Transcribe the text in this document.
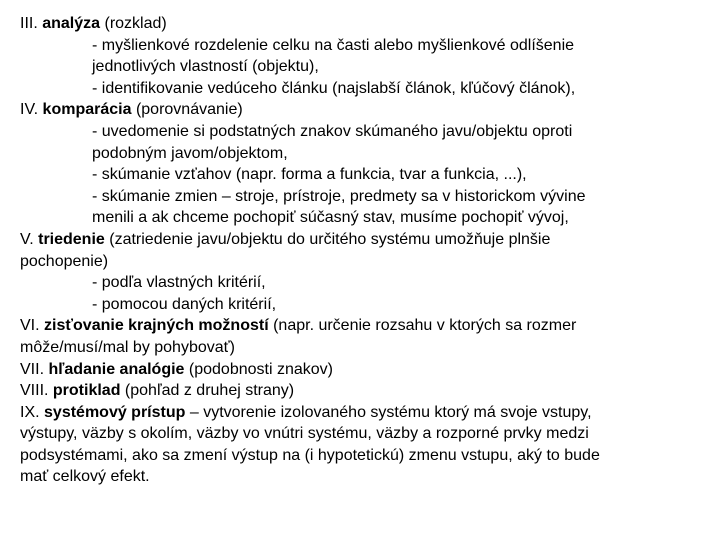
III. analýza (rozklad)
- myšlienkové rozdelenie celku na časti alebo myšlienkové odlíšenie
jednotlivých vlastností (objektu),
- identifikovanie vedúceho článku (najslabší článok, kľúčový článok),
IV. komparácia (porovnávanie)
- uvedomenie si podstatných znakov skúmaného javu/objektu oproti
podobným javom/objektom,
- skúmanie vzťahov (napr. forma a funkcia, tvar a funkcia, ...),
- skúmanie zmien – stroje, prístroje, predmety sa v historickom vývine
menili a ak chceme pochopiť súčasný stav, musíme pochopiť vývoj,
V. triedenie (zatriedenie javu/objektu do určitého systému umožňuje plnšie
pochopenie)
- podľa vlastných kritérií,
- pomocou daných kritérií,
VI. zisťovanie krajných možností (napr. určenie rozsahu v ktorých sa rozmer
môže/musí/mal by pohybovať)
VII. hľadanie analógie (podobnosti znakov)
VIII. protiklad (pohľad z druhej strany)
IX. systémový prístup – vytvorenie izolovaného systému ktorý má svoje vstupy,
výstupy, väzby s okolím, väzby vo vnútri systému, väzby a rozporné prvky medzi
podsystémami, ako sa zmení výstup na (i hypotetickú) zmenu vstupu, aký to bude
mať celkový efekt.
